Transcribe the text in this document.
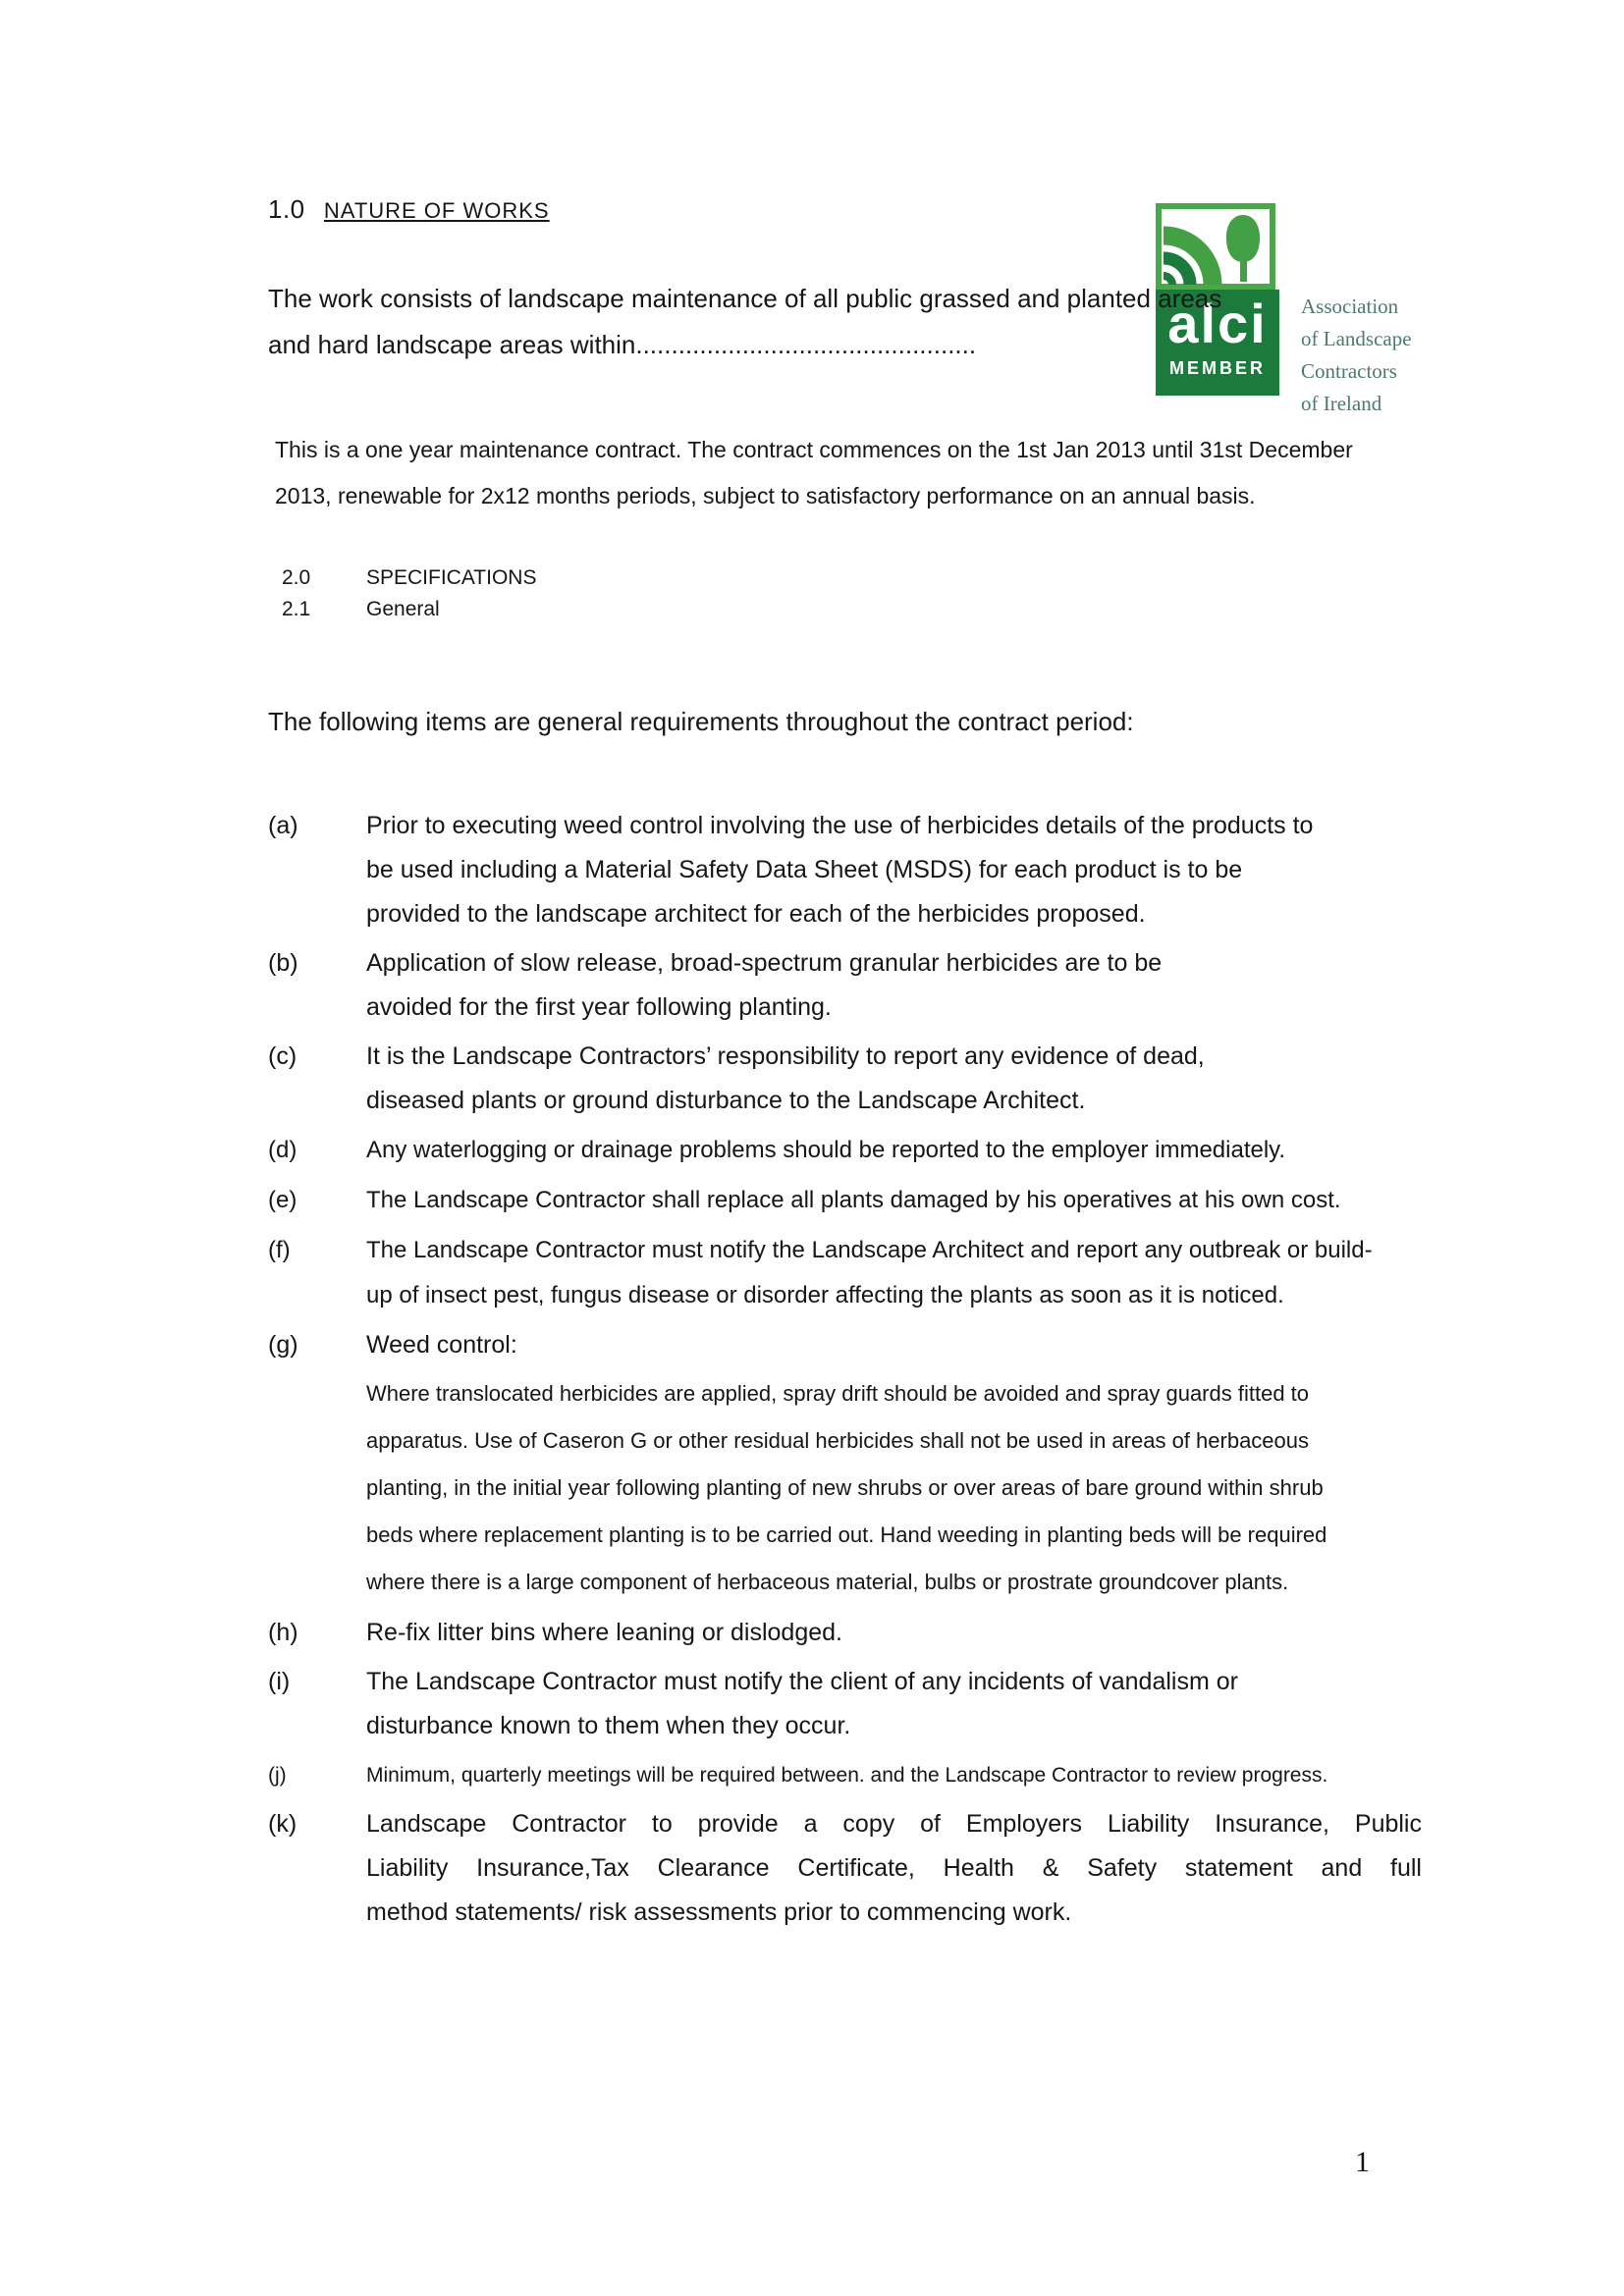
alci
MEMBER
Association
of Landscape
Contractors
of Ireland
1.0 NATURE OF WORKS
The work consists of landscape maintenance of all public grassed and planted areas
and hard landscape areas within................................................
This is a one year maintenance contract. The contract commences on the 1st Jan 2013 until 31st December
2013, renewable for 2x12 months periods, subject to satisfactory performance on an annual basis.
2.0	SPECIFICATIONS
2.1	General
The following items are general requirements throughout the contract period:
(a)	Prior to executing weed control involving the use of herbicides details of the products to
be used including a Material Safety Data Sheet (MSDS) for each product is to be
provided to the landscape architect for each of the herbicides proposed.
(b)	Application of slow release, broad-spectrum granular herbicides are to be
avoided for the first year following planting.
(c)	It is the Landscape Contractors’ responsibility to report any evidence of dead,
diseased plants or ground disturbance to the Landscape Architect.
(d)	Any waterlogging or drainage problems should be reported to the employer immediately.
(e)	The Landscape Contractor shall replace all plants damaged by his operatives at his own cost.
(f)	The Landscape Contractor must notify the Landscape Architect and report any outbreak or build-
up of insect pest, fungus disease or disorder affecting the plants as soon as it is noticed.
(g)	Weed control:
Where translocated herbicides are applied, spray drift should be avoided and spray guards fitted to
apparatus. Use of Caseron G or other residual herbicides shall not be used in areas of herbaceous
planting, in the initial year following planting of new shrubs or over areas of bare ground within shrub
beds where replacement planting is to be carried out. Hand weeding in planting beds will be required
where there is a large component of herbaceous material, bulbs or prostrate groundcover plants.
(h)	Re-fix litter bins where leaning or dislodged.
(i)	The Landscape Contractor must notify the client of any incidents of vandalism or
disturbance known to them when they occur.
(j)	Minimum, quarterly meetings will be required between. and the Landscape Contractor to review progress.
(k)	Landscape Contractor to provide a copy of Employers Liability Insurance, Public
Liability Insurance,Tax Clearance Certificate, Health & Safety statement and full
method statements/ risk assessments prior to commencing work.
1
